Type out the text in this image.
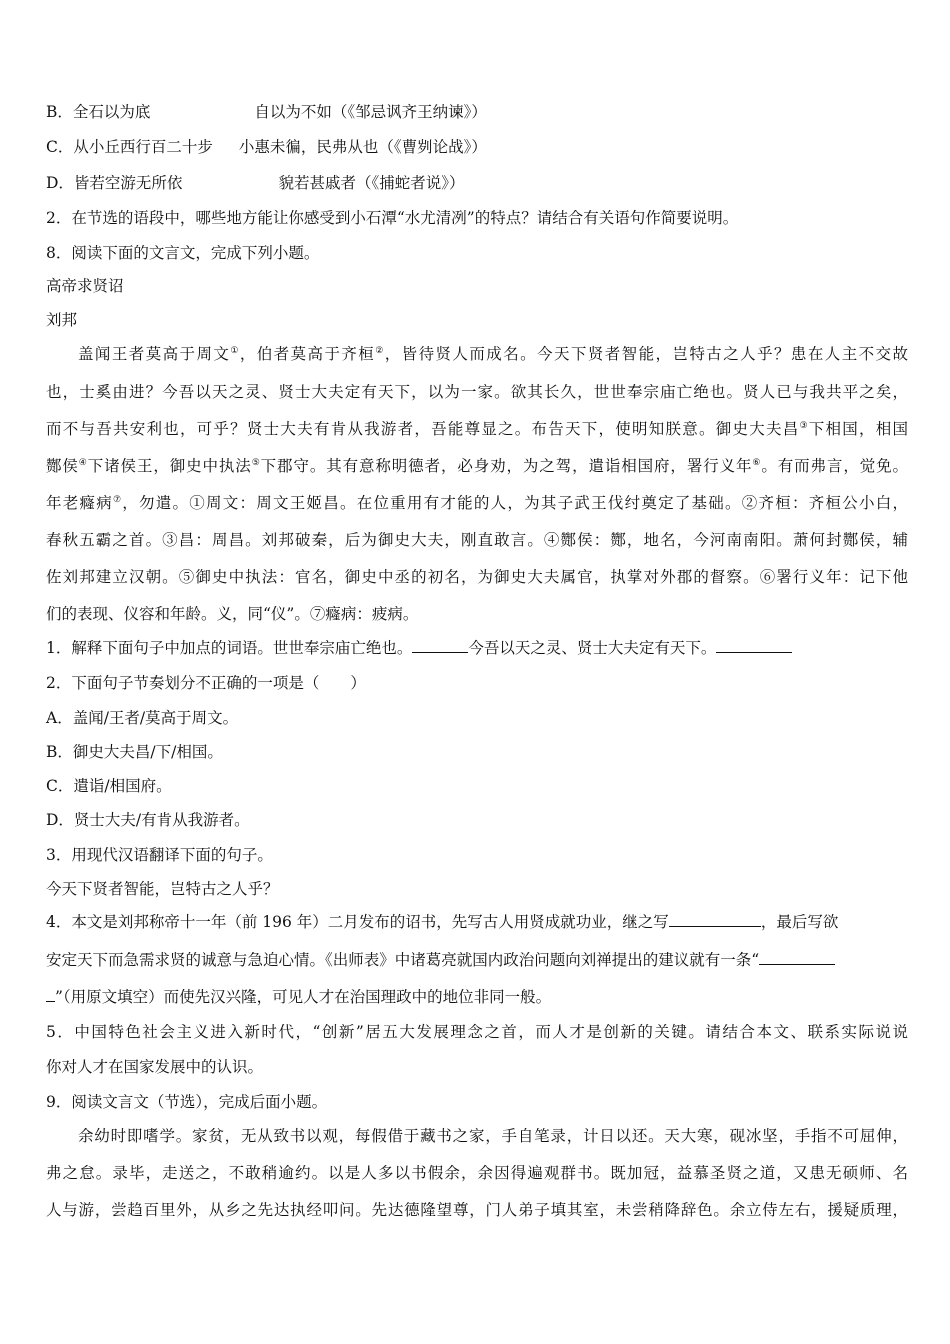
B．全石以为底	自以为不如（《邹忌讽齐王纳谏》）
C．从小丘西行百二十步 小惠未徧，民弗从也（《曹刿论战》）
D．皆若空游无所依	貌若甚戚者（《捕蛇者说》）
2．在节选的语段中，哪些地方能让你感受到小石潭“水尤清冽”的特点？请结合有关语句作简要说明。
8．阅读下面的文言文，完成下列小题。
高帝求贤诏
刘邦
盖闻王者莫高于周文①，伯者莫高于齐桓②，皆待贤人而成名。今天下贤者智能，岂特古之人乎？患在人主不交故
也，士奚由进？今吾以天之灵、贤士大夫定有天下，以为一家。欲其长久，世世奉宗庙亡绝也。贤人已与我共平之矣，
而不与吾共安利也，可乎？贤士大夫有肯从我游者，吾能尊显之。布告天下，使明知朕意。御史大夫昌③下相国，相国
酂侯④下诸侯王，御史中执法⑤下郡守。其有意称明德者，必身劝，为之驾，遣诣相国府，署行义年⑥。有而弗言，觉免。
年老癃病⑦，勿遣。①周文：周文王姬昌。在位重用有才能的人，为其子武王伐纣奠定了基础。②齐桓：齐桓公小白，
春秋五霸之首。③昌：周昌。刘邦破秦，后为御史大夫，刚直敢言。④酂侯：酂，地名，今河南南阳。萧何封酂侯，辅
佐刘邦建立汉朝。⑤御史中执法：官名，御史中丞的初名，为御史大夫属官，执掌对外郡的督察。⑥署行义年：记下他
们的表现、仪容和年龄。义，同“仪”。⑦癃病：疲病。
1．解释下面句子中加点的词语。世世奉宗庙亡绝也。	今吾以天之灵、贤士大夫定有天下。
2．下面句子节奏划分不正确的一项是（　　）
A．盖闻/王者/莫高于周文。
B．御史大夫昌/下/相国。
C．遣诣/相国府。
D．贤士大夫/有肯从我游者。
3．用现代汉语翻译下面的句子。
今天下贤者智能，岂特古之人乎？
4．本文是刘邦称帝十一年（前 196 年）二月发布的诏书，先写古人用贤成就功业，继之写	，最后写欲
安定天下而急需求贤的诚意与急迫心情。《出师表》中诸葛亮就国内政治问题向刘禅提出的建议就有一条“
”（用原文填空）而使先汉兴隆，可见人才在治国理政中的地位非同一般。
5．中国特色社会主义进入新时代，“创新”居五大发展理念之首，而人才是创新的关键。请结合本文、联系实际说说
你对人才在国家发展中的认识。
9．阅读文言文（节选），完成后面小题。
余幼时即嗜学。家贫，无从致书以观，每假借于藏书之家，手自笔录，计日以还。天大寒，砚冰坚，手指不可屈伸，
弗之怠。录毕，走送之，不敢稍逾约。以是人多以书假余，余因得遍观群书。既加冠，益慕圣贤之道，又患无硕师、名
人与游，尝趋百里外，从乡之先达执经叩问。先达德隆望尊，门人弟子填其室，未尝稍降辞色。余立侍左右，援疑质理，
